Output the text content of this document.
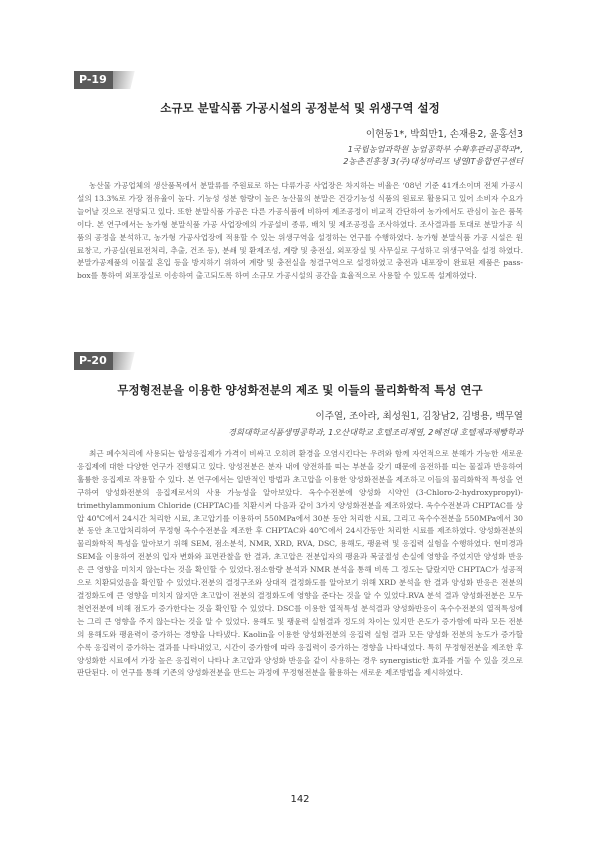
P-19
소규모 분말식품 가공시설의 공정분석 및 위생구역 설정
이현동1*, 박희만1, 손재용2, 윤홍선3
1국립농업과학원 농업공학부 수확후관리공학과*,
2농촌진흥청 3(주)대성마리프 냉열IT융합연구센터

농산물 가공업체의 생산품목에서 분말류를 주원료로 하는 다류가공 사업장은 차지하는 비율은 ‘08년 기준 41개소이며 전체 가공시설의 13.3%로 가장 점유율이 높다. 기능성 성분 함량이 높은 농산물의 분말은 건강기능성 식품의 원료로 활용되고 있어 소비자 수요가 늘어날 것으로 전망되고 있다. 또한 분말식품 가공은 다른 가공식품에 비하여 제조공정이 비교적 간단하여 농가에서도 관심이 높은 품목이다. 본 연구에서는 농가형 분말식품 가공 사업장에의 가공설비 종류, 배치 및 제조공정을 조사하였다. 조사결과를 토대로 분말가공 식품의 공정을 분석하고, 농가형 가공사업장에 적용할 수 있는 위생구역을 설정하는 연구를 수행하였다. 농가형 분말식품 가공 시설은 원료창고, 가공실(원료전처리, 추출, 건조 등), 분쇄 및 환제조성, 계량 및 충전실, 외포장실 및 사무실로 구성하고 위생구역을 설정 하였다. 분말가공제품의 이물질 혼입 등을 방지하기 위하여 계량 및 충전실을 청결구역으로 설정하였고 충전과 내포장이 완료된 제품은 pass-box를 통하여 외포장실로 이송하여 출고되도록 하여 소규모 가공시설의 공간을 효율적으로 사용할 수 있도록 설계하였다.

P-20
무정형전분을 이용한 양성화전분의 제조 및 이들의 물리화학적 특성 연구
이주열, 조아라, 최성원1, 김창남2, 김병용, 백무열
경희대학교식품생명공학과, 1오산대학교 호텔조리계열, 2혜전대 호텔제과제빵학과

최근 폐수처리에 사용되는 합성응집제가 가격이 비싸고 오히려 환경을 오염시킨다는 우려와 함께 자연적으로 분해가 가능한 새로운 응집제에 대한 다양한 연구가 진행되고 있다. 양성전분은 분자 내에 양전하를 띠는 부분을 갖기 때문에 음전하를 띠는 물질과 반응하여 훌륭한 응집제로 작용할 수 있다. 본 연구에서는 일반적인 방법과 초고압을 이용한 양성화전분을 제조하고 이들의 물리화학적 특성을 연구하여 양성화전분의 응집제로서의 사용 가능성을 알아보았다. 옥수수전분에 양성화 시약인 (3-Chloro-2-hydroxypropyl)-trimethylammonium Chloride (CHPTAC)를 치환시켜 다음과 같이 3가지 양성화전분을 제조하였다. 옥수수전분과 CHPTAC를 상압 40℃에서 24시간 처리한 시료, 초고압기를 이용하여 550MPa에서 30분 동안 처리한 시료, 그리고 옥수수전분을 550MPa에서 30분 동안 초고압처리하여 무정형 옥수수전분을 제조한 후 CHPTAC와 40℃에서 24시간동안 처리한 시료를 제조하였다. 양성화전분의 물리화학적 특성을 알아보기 위해 SEM, 점소분석, NMR, XRD, RVA, DSC, 용해도, 팽윤력 및 응집력 실험을 수행하였다. 현미경과 SEM을 이용하여 전분의 입자 변화와 표면관찰을 한 결과, 초고압은 전분입자의 팽윤과 복굴절성 손실에 영향을 주었지만 양성화 반응은 큰 영향을 미치지 않는다는 것을 확인할 수 있었다.점소함량 분석과 NMR 분석을 통해 비록 그 정도는 달랐지만 CHPTAC가 성공적으로 치환되었음을 확인할 수 있었다.전분의 결정구조와 상대적 결정화도를 알아보기 위해 XRD 분석을 한 결과 양성화 반응은 전분의 결정화도에 큰 영향을 미치지 않지만 초고압이 전분의 결정화도에 영향을 준다는 것을 알 수 있었다.RVA 분석 결과 양성화전분은 모두 천연전분에 비해 점도가 증가한다는 것을 확인할 수 있었다. DSC를 이용한 열적특성 분석결과 양성화반응이 옥수수전분의 열적특성에는 그리 큰 영향을 주지 않는다는 것을 알 수 있었다. 용해도 및 팽윤력 실험결과 정도의 차이는 있지만 온도가 증가함에 따라 모든 전분의 용해도와 팽윤력이 증가하는 경향을 나타냈다. Kaolin을 이용한 양성화전분의 응집력 실험 결과 모든 양성화 전분의 농도가 증가할수록 응집력이 증가하는 결과를 나타내었고, 시간이 증가함에 따라 응집력이 증가하는 경향을 나타내었다. 특히 무정형전분을 제조한 후 양성화한 시료에서 가장 높은 응집력이 나타나 초고압과 양성화 반응을 같이 사용하는 경우 synergistic한 효과를 거둘 수 있을 것으로 판단된다. 이 연구를 통해 기존의 양성화전분을 만드는 과정에 무정형전분을 활용하는 새로운 제조방법을 제시하였다.

142
